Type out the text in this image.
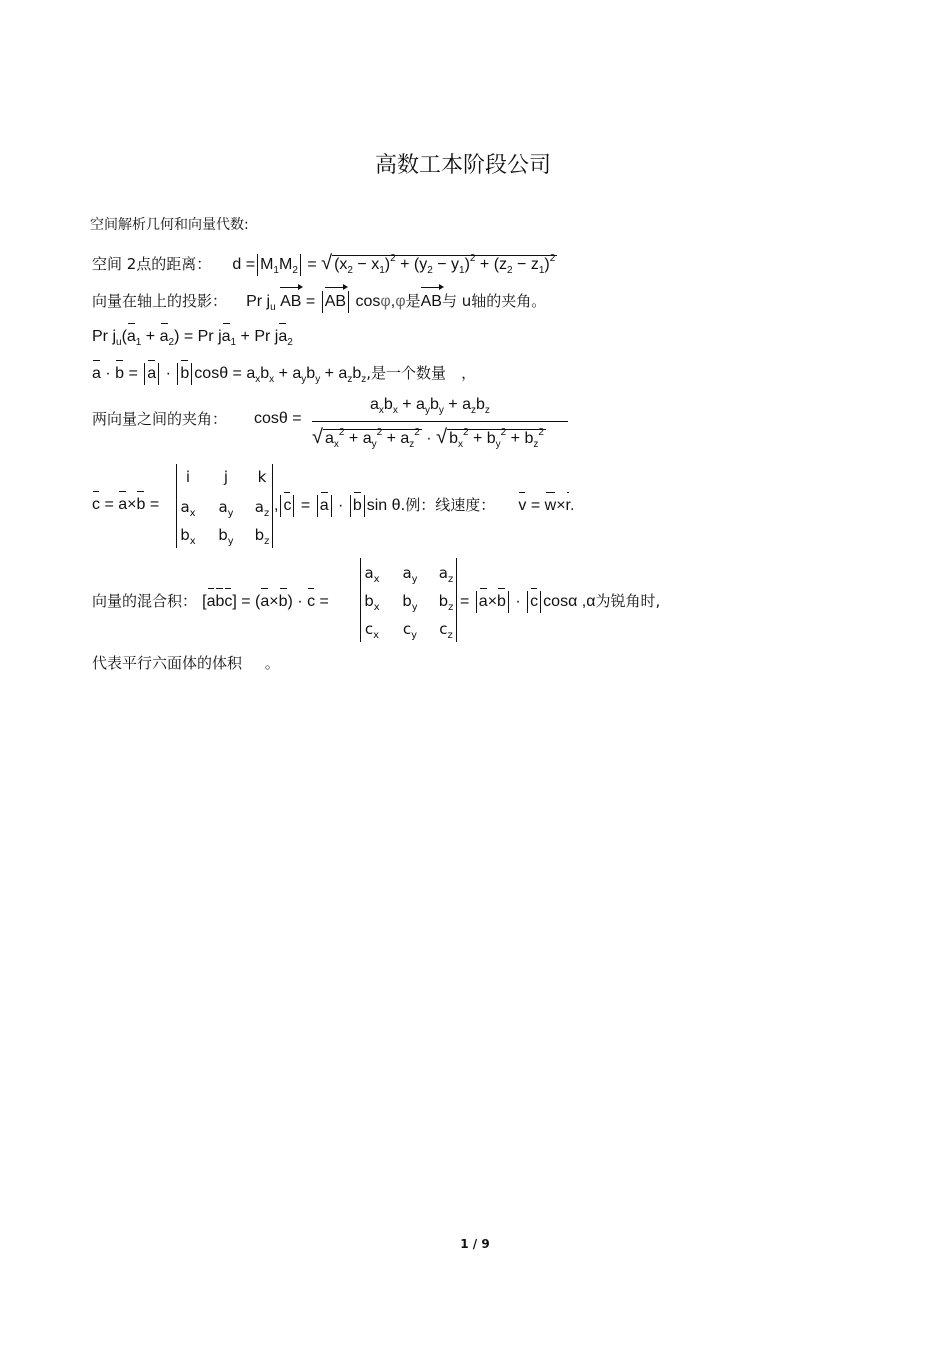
高数工本阶段公司
空间解析几何和向量代数:
空间 2点的距离： $d = M_1M_2$ = √ $(x_2 - x_1)^2 + (y_2 - y_1)^2 + (z_2 - z_1)^2$
向量在轴上的投影： Pr $j_u$ AB = AB cosφ,φ是AB与 u轴的夹角。
Pr $j_u(a_1 + a_2) = Pr$ $ja_1 + Pr$ $ja_2$
a · b = a · b $\cos\theta = a_xb_x + a_yb_y + a_zb_z$,是一个数量 ，
两向量之间的夹角： cosθ =
$a_xb_x + a_yb_y + a_zb_z$
√ $a_x^2 + a_y^2 + a_z^2$ · √ $b_x^2 + b_y^2 + b_z^2$
c = a×b =
i	j	k
$a_x$	$a_y$	$a_z$
$b_x$	$b_y$	$b_z$
, c = a · b sin θ.例：线速度： v = w×r.
向量的混合积： [abc] = (a×b) · c =
$a_x$	$a_y$	$a_z$
$b_x$	$b_y$	$b_z$
$c_x$	$c_y$	$c_z$
= a×b · c cosα ,α为锐角时,
代表平行六面体的体积 。
1 / 9
